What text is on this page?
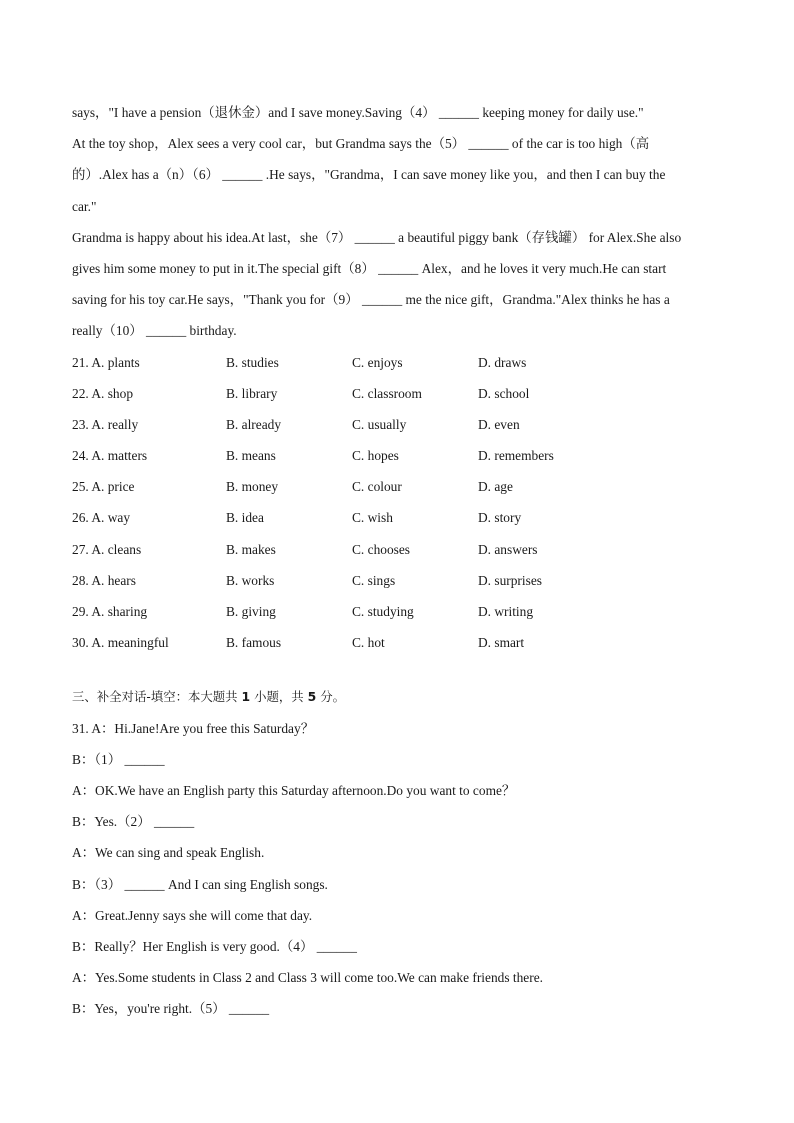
says，"I have a pension（退休金）and I save money.Saving（4） ______ keeping money for daily use."
At the toy shop，Alex sees a very cool car，but Grandma says the（5） ______ of the car is too high（高
的）.Alex has a（n）（6） ______ .He says，"Grandma，I can save money like you，and then I can buy the
car."
Grandma is happy about his idea.At last，she（7） ______ a beautiful piggy bank（存钱罐） for Alex.She also
gives him some money to put in it.The special gift（8） ______ Alex，and he loves it very much.He can start
saving for his toy car.He says，"Thank you for（9） ______ me the nice gift，Grandma."Alex thinks he has a
really（10） ______ birthday.
21. A. plants	B. studies	C. enjoys	D. draws
22. A. shop	B. library	C. classroom	D. school
23. A. really	B. already	C. usually	D. even
24. A. matters	B. means	C. hopes	D. remembers
25. A. price	B. money	C. colour	D. age
26. A. way	B. idea	C. wish	D. story
27. A. cleans	B. makes	C. chooses	D. answers
28. A. hears	B. works	C. sings	D. surprises
29. A. sharing	B. giving	C. studying	D. writing
30. A. meaningful	B. famous	C. hot	D. smart
三、补全对话-填空：本大题共 1 小题，共 5 分。
31. A：Hi.Jane!Are you free this Saturday？
B：（1） ______
A：OK.We have an English party this Saturday afternoon.Do you want to come？
B：Yes.（2） ______
A：We can sing and speak English.
B：（3） ______ And I can sing English songs.
A：Great.Jenny says she will come that day.
B：Really？Her English is very good.（4） ______
A：Yes.Some students in Class 2 and Class 3 will come too.We can make friends there.
B：Yes，you're right.（5） ______
